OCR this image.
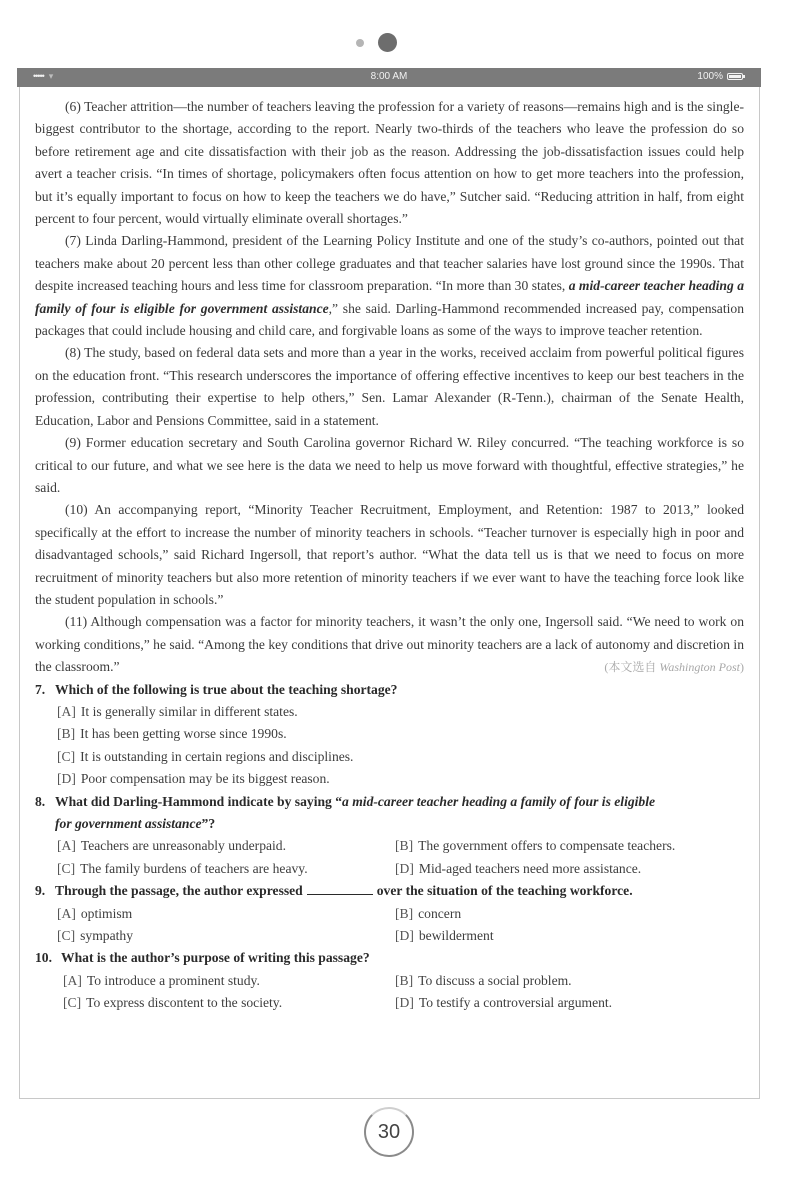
••••• ▾	8:00 AM	100%

(6) Teacher attrition—the number of teachers leaving the profession for a variety of reasons—remains high and is the single-biggest contributor to the shortage, according to the report. Nearly two-thirds of the teachers who leave the profession do so before retirement age and cite dissatisfaction with their job as the reason. Addressing the job-dissatisfaction issues could help avert a teacher crisis. “In times of shortage, policymakers often focus attention on how to get more teachers into the profession, but it’s equally important to focus on how to keep the teachers we do have,” Sutcher said. “Reducing attrition in half, from eight percent to four percent, would virtually eliminate overall shortages.”

(7) Linda Darling-Hammond, president of the Learning Policy Institute and one of the study’s co-authors, pointed out that teachers make about 20 percent less than other college graduates and that teacher salaries have lost ground since the 1990s. That despite increased teaching hours and less time for classroom preparation. “In more than 30 states, a mid-career teacher heading a family of four is eligible for government assistance,” she said. Darling-Hammond recommended increased pay, compensation packages that could include housing and child care, and forgivable loans as some of the ways to improve teacher retention.

(8) The study, based on federal data sets and more than a year in the works, received acclaim from powerful political figures on the education front. “This research underscores the importance of offering effective incentives to keep our best teachers in the profession, contributing their expertise to help others,” Sen. Lamar Alexander (R-Tenn.), chairman of the Senate Health, Education, Labor and Pensions Committee, said in a statement.

(9) Former education secretary and South Carolina governor Richard W. Riley concurred. “The teaching workforce is so critical to our future, and what we see here is the data we need to help us move forward with thoughtful, effective strategies,” he said.

(10) An accompanying report, “Minority Teacher Recruitment, Employment, and Retention: 1987 to 2013,” looked specifically at the effort to increase the number of minority teachers in schools. “Teacher turnover is especially high in poor and disadvantaged schools,” said Richard Ingersoll, that report’s author. “What the data tell us is that we need to focus on more recruitment of minority teachers but also more retention of minority teachers if we ever want to have the teaching force look like the student population in schools.”

(11) Although compensation was a factor for minority teachers, it wasn’t the only one, Ingersoll said. “We need to work on working conditions,” he said. “Among the key conditions that drive out minority teachers are a lack of autonomy and discretion in the classroom.”	(本文选自 Washington Post)

7. Which of the following is true about the teaching shortage?

[A] It is generally similar in different states.
[B] It has been getting worse since 1990s.
[C] It is outstanding in certain regions and disciplines.
[D] Poor compensation may be its biggest reason.

8. What did Darling-Hammond indicate by saying “a mid-career teacher heading a family of four is eligible

for government assistance”?

[A] Teachers are unreasonably underpaid.	[B] The government offers to compensate teachers.
[C] The family burdens of teachers are heavy.	[D] Mid-aged teachers need more assistance.

9. Through the passage, the author expressed	over the situation of the teaching workforce.

[A] optimism	[B] concern
[C] sympathy	[D] bewilderment

10. What is the author’s purpose of writing this passage?

[A] To introduce a prominent study.	[B] To discuss a social problem.
[C] To express discontent to the society.	[D] To testify a controversial argument.
30
